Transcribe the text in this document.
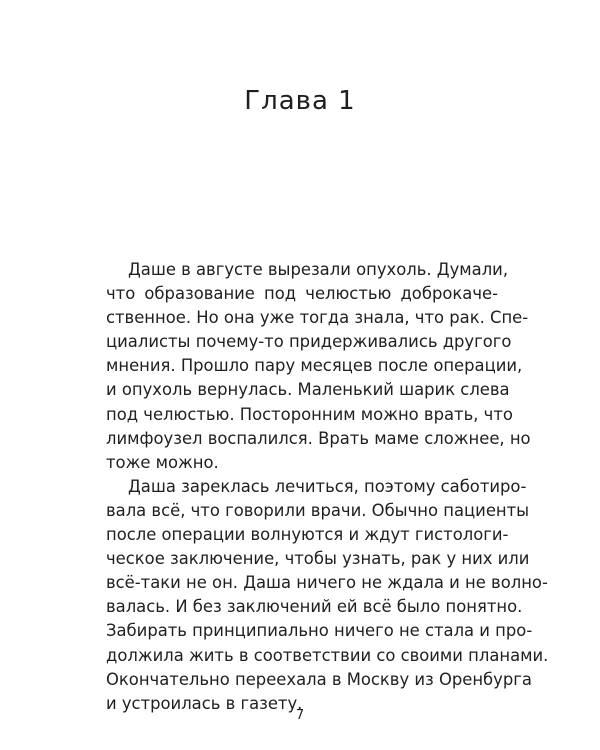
Глава 1
Даше в августе вырезали опухоль. Думали,
что образование под челюстью доброкаче-
ственное. Но она уже тогда знала, что рак. Спе-
циалисты почему-то придерживались другого
мнения. Прошло пару месяцев после операции,
и опухоль вернулась. Маленький шарик слева
под челюстью. Посторонним можно врать, что
лимфоузел воспалился. Врать маме сложнее, но
тоже можно.
Даша зареклась лечиться, поэтому саботиро-
вала всё, что говорили врачи. Обычно пациенты
после операции волнуются и ждут гистологи-
ческое заключение, чтобы узнать, рак у них или
всё-таки не он. Даша ничего не ждала и не волно-
валась. И без заключений ей всё было понятно.
Забирать принципиально ничего не стала и про-
должила жить в соответствии со своими планами.
Окончательно переехала в Москву из Оренбурга
и устроилась в газету.
7
